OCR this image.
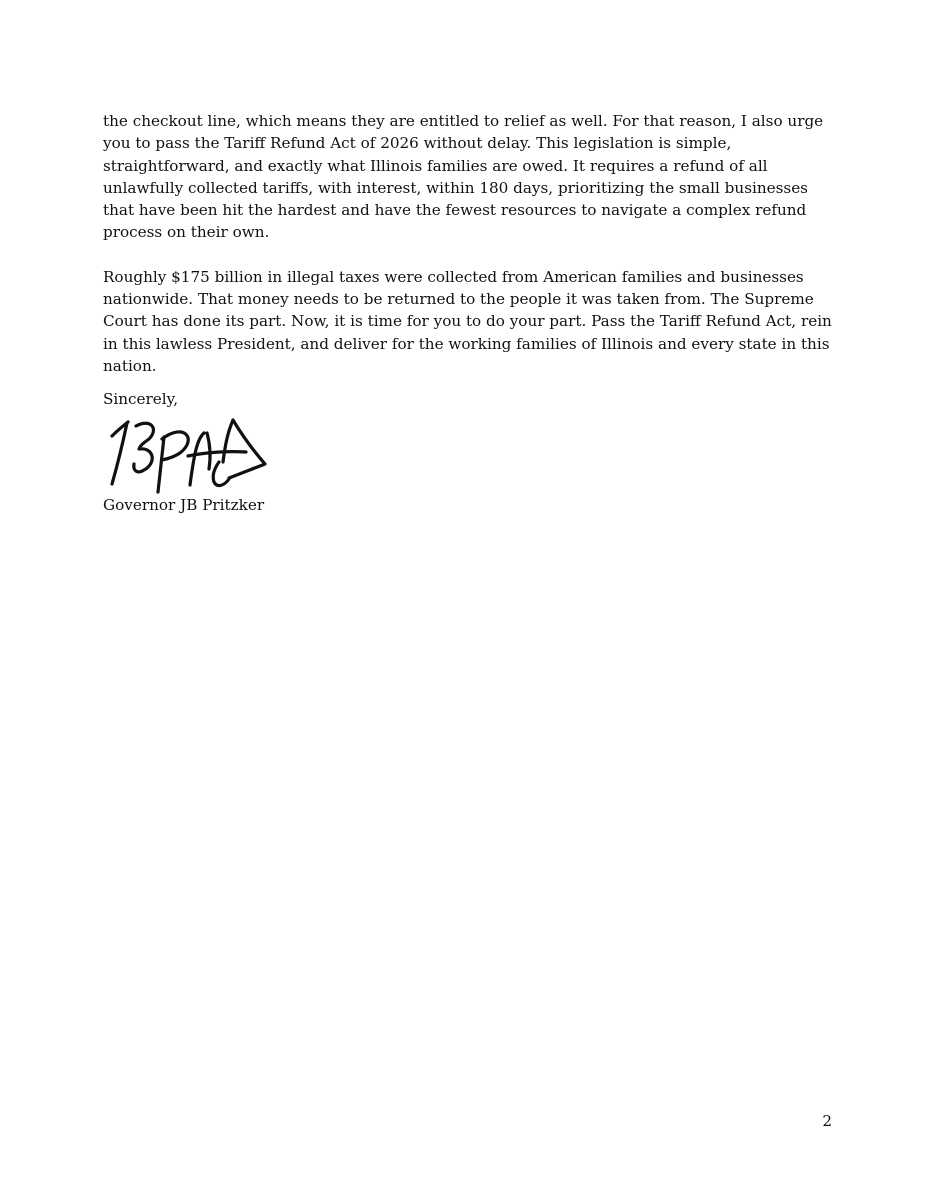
the checkout line, which means they are entitled to relief as well. For that reason, I also urge you to pass the Tariff Refund Act of 2026 without delay. This legislation is simple, straightforward, and exactly what Illinois families are owed. It requires a refund of all unlawfully collected tariffs, with interest, within 180 days, prioritizing the small businesses that have been hit the hardest and have the fewest resources to navigate a complex refund process on their own.

Roughly $175 billion in illegal taxes were collected from American families and businesses nationwide. That money needs to be returned to the people it was taken from. The Supreme Court has done its part. Now, it is time for you to do your part. Pass the Tariff Refund Act, rein in this lawless President, and deliver for the working families of Illinois and every state in this nation.

Sincerely,
Governor JB Pritzker
2
